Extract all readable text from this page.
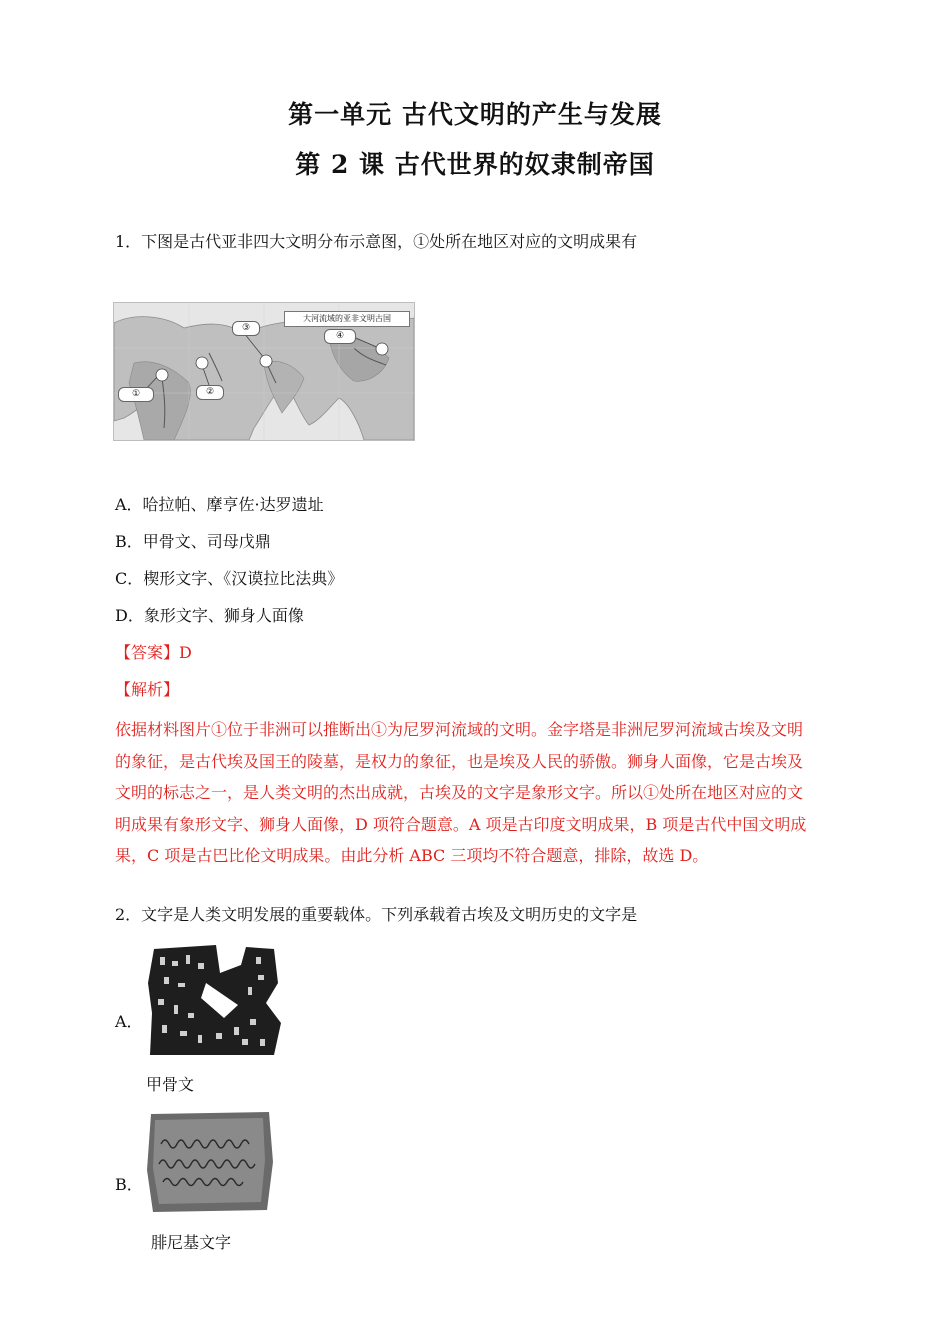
第一单元 古代文明的产生与发展
第 2 课 古代世界的奴隶制帝国
1．下图是古代亚非四大文明分布示意图，①处所在地区对应的文明成果有
大河流域的亚非文明古国
①	②
③
④
A．哈拉帕、摩亨佐·达罗遗址
B．甲骨文、司母戊鼎
C．楔形文字、《汉谟拉比法典》
D．象形文字、狮身人面像
【答案】D
【解析】
依据材料图片①位于非洲可以推断出①为尼罗河流域的文明。金字塔是非洲尼罗河流域古埃及文明
的象征，是古代埃及国王的陵墓，是权力的象征，也是埃及人民的骄傲。狮身人面像，它是古埃及
文明的标志之一，是人类文明的杰出成就，古埃及的文字是象形文字。所以①处所在地区对应的文
明成果有象形文字、狮身人面像，D 项符合题意。A 项是古印度文明成果，B 项是古代中国文明成
果，C 项是古巴比伦文明成果。由此分析 ABC 三项均不符合题意，排除，故选 D。
2．文字是人类文明发展的重要载体。下列承载着古埃及文明历史的文字是
A．
甲骨文
B．
腓尼基文字
